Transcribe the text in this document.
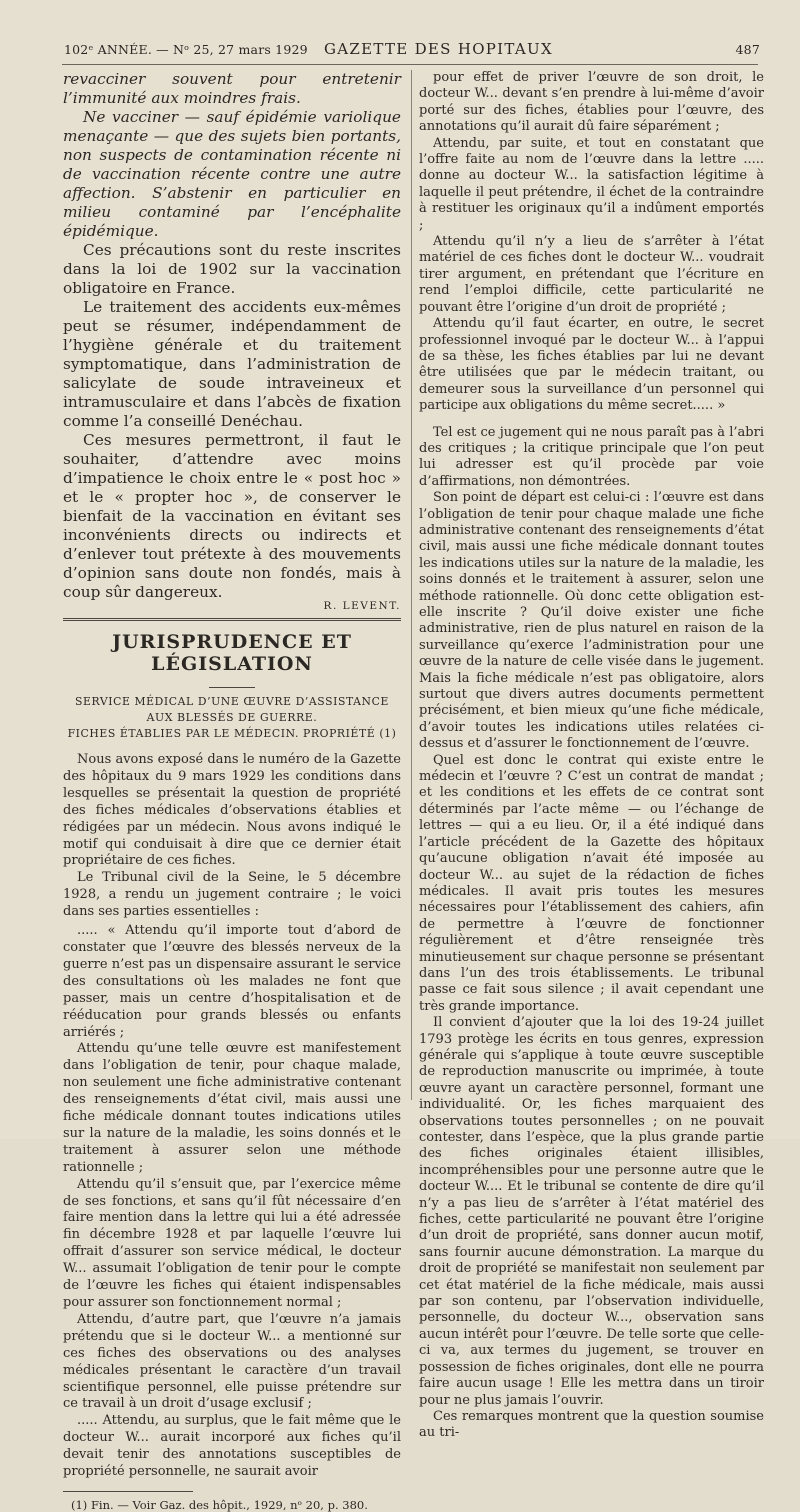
102ᵉ ANNÉE. — Nᵒ 25, 27 mars 1929 GAZETTE DES HOPITAUX	487

revacciner souvent pour entretenir l’immunité aux moindres frais.

Ne vacciner — sauf épidémie variolique menaçante — que des sujets bien portants, non suspects de contamination récente ni de vaccination récente contre une autre affection. S’abstenir en particulier en milieu contaminé par l’encéphalite épidémique.

Ces précautions sont du reste inscrites dans la loi de 1902 sur la vaccination obligatoire en France.

Le traitement des accidents eux-mêmes peut se résumer, indépendamment de l’hygiène générale et du traitement symptomatique, dans l’administration de salicylate de soude intraveineux et intramusculaire et dans l’abcès de fixation comme l’a conseillé Denéchau.

Ces mesures permettront, il faut le souhaiter, d’attendre avec moins d’impatience le choix entre le « post hoc » et le « propter hoc », de conserver le bienfait de la vaccination en évitant ses inconvénients directs ou indirects et d’enlever tout prétexte à des mouvements d’opinion sans doute non fondés, mais à coup sûr dangereux.

R. LEVENT.
JURISPRUDENCE ET LÉGISLATION
SERVICE MÉDICAL D’UNE ŒUVRE D’ASSISTANCE
AUX BLESSÉS DE GUERRE.
FICHES ÉTABLIES PAR LE MÉDECIN. PROPRIÉTÉ (1)

Nous avons exposé dans le numéro de la Gazette des hôpitaux du 9 mars 1929 les conditions dans lesquelles se présentait la question de propriété des fiches médicales d’observations établies et rédigées par un médecin. Nous avons indiqué le motif qui conduisait à dire que ce dernier était propriétaire de ces fiches.

Le Tribunal civil de la Seine, le 5 décembre 1928, a rendu un jugement contraire ; le voici dans ses parties essentielles :

..... « Attendu qu’il importe tout d’abord de constater que l’œuvre des blessés nerveux de la guerre n’est pas un dispensaire assurant le service des consultations où les malades ne font que passer, mais un centre d’hospitalisation et de rééducation pour grands blessés ou enfants arriérés ;

Attendu qu’une telle œuvre est manifestement dans l’obligation de tenir, pour chaque malade, non seulement une fiche administrative contenant des renseignements d’état civil, mais aussi une fiche médicale donnant toutes indications utiles sur la nature de la maladie, les soins donnés et le traitement à assurer selon une méthode rationnelle ;

Attendu qu’il s’ensuit que, par l’exercice même de ses fonctions, et sans qu’il fût nécessaire d’en faire mention dans la lettre qui lui a été adressée fin décembre 1928 et par laquelle l’œuvre lui offrait d’assurer son service médical, le docteur W... assumait l’obligation de tenir pour le compte de l’œuvre les fiches qui étaient indispensables pour assurer son fonctionnement normal ;

Attendu, d’autre part, que l’œuvre n’a jamais prétendu que si le docteur W... a mentionné sur ces fiches des observations ou des analyses médicales présentant le caractère d’un travail scientifique personnel, elle puisse prétendre sur ce travail à un droit d’usage exclusif ;

..... Attendu, au surplus, que le fait même que le docteur W... aurait incorporé aux fiches qu’il devait tenir des annotations susceptibles de propriété personnelle, ne saurait avoir

(1) Fin. — Voir Gaz. des hôpit., 1929, nᵒ 20, p. 380.

pour effet de priver l’œuvre de son droit, le docteur W... devant s’en prendre à lui-même d’avoir porté sur des fiches, établies pour l’œuvre, des annotations qu’il aurait dû faire séparément ;

Attendu, par suite, et tout en constatant que l’offre faite au nom de l’œuvre dans la lettre ..... donne au docteur W... la satisfaction légitime à laquelle il peut prétendre, il échet de la contraindre à restituer les originaux qu’il a indûment emportés ;

Attendu qu’il n’y a lieu de s’arrêter à l’état matériel de ces fiches dont le docteur W... voudrait tirer argument, en prétendant que l’écriture en rend l’emploi difficile, cette particularité ne pouvant être l’origine d’un droit de propriété ;

Attendu qu’il faut écarter, en outre, le secret professionnel invoqué par le docteur W... à l’appui de sa thèse, les fiches établies par lui ne devant être utilisées que par le médecin traitant, ou demeurer sous la surveillance d’un personnel qui participe aux obligations du même secret..... »

Tel est ce jugement qui ne nous paraît pas à l’abri des critiques ; la critique principale que l’on peut lui adresser est qu’il procède par voie d’affirmations, non démontrées.

Son point de départ est celui-ci : l’œuvre est dans l’obligation de tenir pour chaque malade une fiche administrative contenant des renseignements d’état civil, mais aussi une fiche médicale donnant toutes les indications utiles sur la nature de la maladie, les soins donnés et le traitement à assurer, selon une méthode rationnelle. Où donc cette obligation est-elle inscrite ? Qu’il doive exister une fiche administrative, rien de plus naturel en raison de la surveillance qu’exerce l’administration pour une œuvre de la nature de celle visée dans le jugement. Mais la fiche médicale n’est pas obligatoire, alors surtout que divers autres documents permettent précisément, et bien mieux qu’une fiche médicale, d’avoir toutes les indications utiles relatées ci-dessus et d’assurer le fonctionnement de l’œuvre.

Quel est donc le contrat qui existe entre le médecin et l’œuvre ? C’est un contrat de mandat ; et les conditions et les effets de ce contrat sont déterminés par l’acte même — ou l’échange de lettres — qui a eu lieu. Or, il a été indiqué dans l’article précédent de la Gazette des hôpitaux qu’aucune obligation n’avait été imposée au docteur W... au sujet de la rédaction de fiches médicales. Il avait pris toutes les mesures nécessaires pour l’établissement des cahiers, afin de permettre à l’œuvre de fonctionner régulièrement et d’être renseignée très minutieusement sur chaque personne se présentant dans l’un des trois établissements. Le tribunal passe ce fait sous silence ; il avait cependant une très grande importance.

Il convient d’ajouter que la loi des 19-24 juillet 1793 protège les écrits en tous genres, expression générale qui s’applique à toute œuvre susceptible de reproduction manuscrite ou imprimée, à toute œuvre ayant un caractère personnel, formant une individualité. Or, les fiches marquaient des observations toutes personnelles ; on ne pouvait contester, dans l’espèce, que la plus grande partie des fiches originales étaient illisibles, incompréhensibles pour une personne autre que le docteur W.... Et le tribunal se contente de dire qu’il n’y a pas lieu de s’arrêter à l’état matériel des fiches, cette particularité ne pouvant être l’origine d’un droit de propriété, sans donner aucun motif, sans fournir aucune démonstration. La marque du droit de propriété se manifestait non seulement par cet état matériel de la fiche médicale, mais aussi par son contenu, par l’observation individuelle, personnelle, du docteur W..., observation sans aucun intérêt pour l’œuvre. De telle sorte que celle-ci va, aux termes du jugement, se trouver en possession de fiches originales, dont elle ne pourra faire aucun usage ! Elle les mettra dans un tiroir pour ne plus jamais l’ouvrir.

Ces remarques montrent que la question soumise au tri-
